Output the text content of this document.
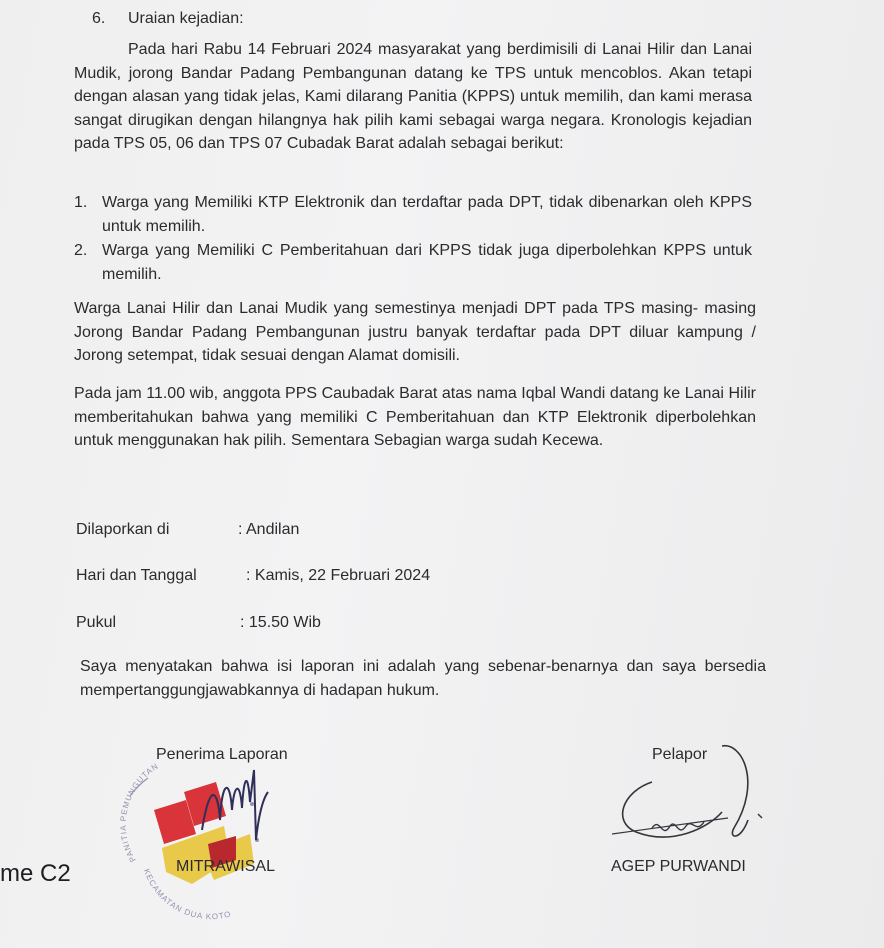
6. Uraian kejadian:
Pada hari Rabu 14 Februari 2024 masyarakat yang berdimisili di Lanai Hilir dan Lanai Mudik, jorong Bandar Padang Pembangunan datang ke TPS untuk mencoblos. Akan tetapi dengan alasan yang tidak jelas, Kami dilarang Panitia (KPPS) untuk memilih, dan kami merasa sangat dirugikan dengan hilangnya hak pilih kami sebagai warga negara. Kronologis kejadian pada TPS 05, 06 dan TPS 07 Cubadak Barat adalah sebagai berikut:
1. Warga yang Memiliki KTP Elektronik dan terdaftar pada DPT, tidak dibenarkan oleh KPPS untuk memilih.
2. Warga yang Memiliki C Pemberitahuan dari KPPS tidak juga diperbolehkan KPPS untuk memilih.
Warga Lanai Hilir dan Lanai Mudik yang semestinya menjadi DPT pada TPS masing- masing Jorong Bandar Padang Pembangunan justru banyak terdaftar pada DPT diluar kampung / Jorong setempat, tidak sesuai dengan Alamat domisili.
Pada jam 11.00 wib, anggota PPS Caubadak Barat atas nama Iqbal Wandi datang ke Lanai Hilir memberitahukan bahwa yang memiliki C Pemberitahuan dan KTP Elektronik diperbolehkan untuk menggunakan hak pilih. Sementara Sebagian warga sudah Kecewa.
Dilaporkan di	: Andilan
Hari dan Tanggal	: Kamis, 22 Februari 2024
Pukul	: 15.50 Wib
Saya menyatakan bahwa isi laporan ini adalah yang sebenar-benarnya dan saya bersedia mempertanggungjawabkannya di hadapan hukum.
PANITIA PEMUNGUTAN
KECAMATAN DUA KOTO
Penerima Laporan
MITRAWISAL
Pelapor
AGEP PURWANDI
me C2
